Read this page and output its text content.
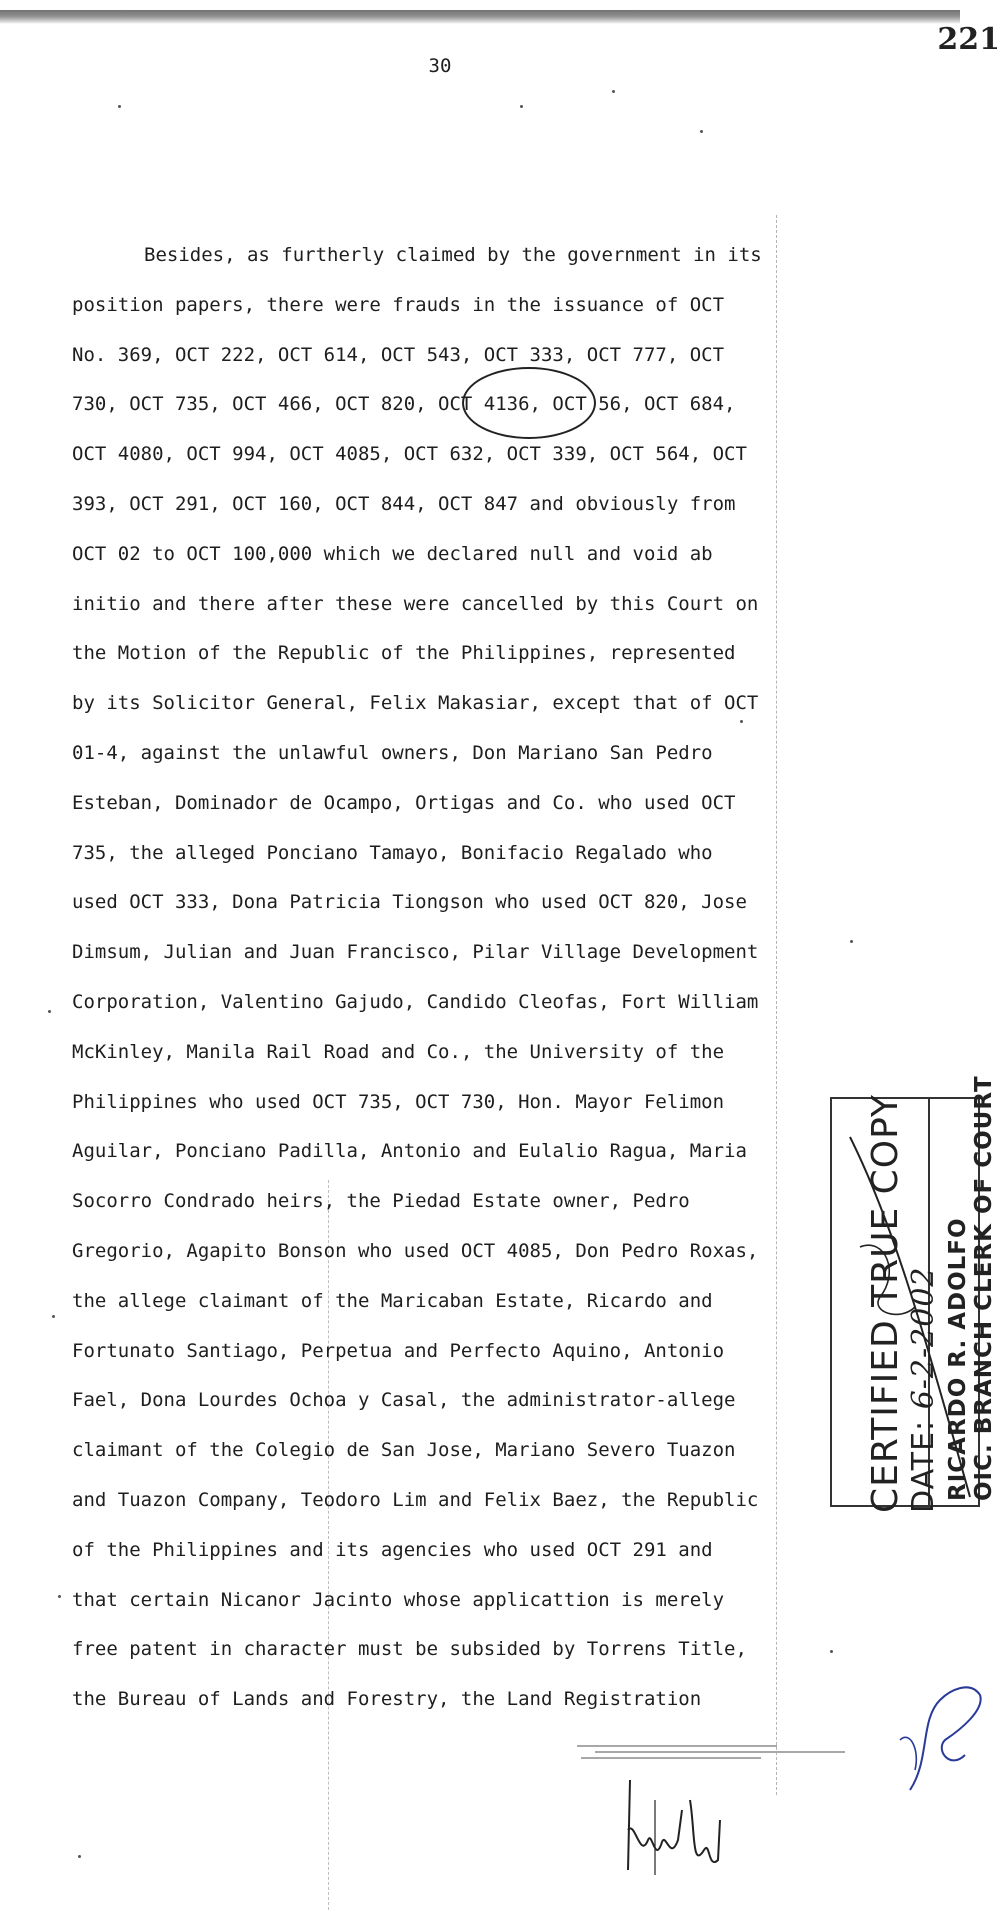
221
30
Besides, as furtherly claimed by the government in its
position papers, there were frauds in the issuance of OCT
No. 369, OCT 222, OCT 614, OCT 543, OCT 333, OCT 777, OCT
730, OCT 735, OCT 466, OCT 820, OCT 4136, OCT 56, OCT 684,
OCT 4080, OCT 994, OCT 4085, OCT 632, OCT 339, OCT 564, OCT
393, OCT 291, OCT 160, OCT 844, OCT 847 and obviously from
OCT 02 to OCT 100,000 which we declared null and void ab
initio and there after these were cancelled by this Court on
the Motion of the Republic of the Philippines, represented
by its Solicitor General, Felix Makasiar, except that of OCT
01-4, against the unlawful owners, Don Mariano San Pedro
Esteban, Dominador de Ocampo, Ortigas and Co. who used OCT
735, the alleged Ponciano Tamayo, Bonifacio Regalado who
used OCT 333, Dona Patricia Tiongson who used OCT 820, Jose
Dimsum, Julian and Juan Francisco, Pilar Village Development
Corporation, Valentino Gajudo, Candido Cleofas, Fort William
McKinley, Manila Rail Road and Co., the University of the
Philippines who used OCT 735, OCT 730, Hon. Mayor Felimon
Aguilar, Ponciano Padilla, Antonio and Eulalio Ragua, Maria
Socorro Condrado heirs, the Piedad Estate owner, Pedro
Gregorio, Agapito Bonson who used OCT 4085, Don Pedro Roxas,
the allege claimant of the Maricaban Estate, Ricardo and
Fortunato Santiago, Perpetua and Perfecto Aquino, Antonio
Fael, Dona Lourdes Ochoa y Casal, the administrator-allege
claimant of the Colegio de San Jose, Mariano Severo Tuazon
and Tuazon Company, Teodoro Lim and Felix Baez, the Republic
of the Philippines and its agencies who used OCT 291 and
that certain Nicanor Jacinto whose applicattion is merely
free patent in character must be subsided by Torrens Title,
the Bureau of Lands and Forestry, the Land Registration
CERTIFIED TRUE COPY DATE: 6-2-2002 RICARDO R. ADOLFO OIC. BRANCH CLERK OF COURT
